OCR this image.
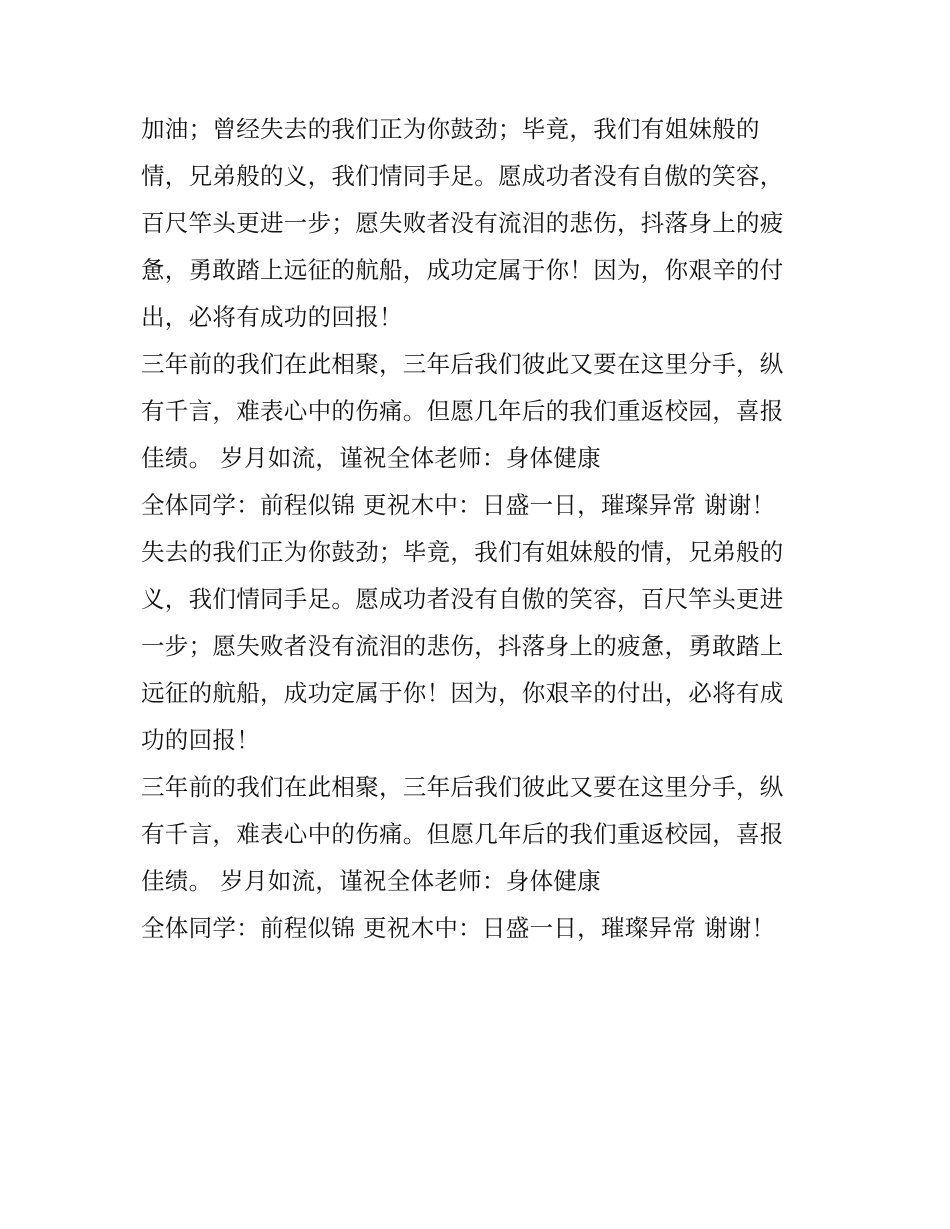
加油；曾经失去的我们正为你鼓劲；毕竟，我们有姐妹般的
情，兄弟般的义，我们情同手足。愿成功者没有自傲的笑容，
百尺竿头更进一步；愿失败者没有流泪的悲伤，抖落身上的疲
惫，勇敢踏上远征的航船，成功定属于你！因为，你艰辛的付
出，必将有成功的回报！
三年前的我们在此相聚，三年后我们彼此又要在这里分手，纵
有千言，难表心中的伤痛。但愿几年后的我们重返校园，喜报
佳绩。 岁月如流，谨祝全体老师：身体健康
全体同学：前程似锦 更祝木中：日盛一日，璀璨异常 谢谢！
失去的我们正为你鼓劲；毕竟，我们有姐妹般的情，兄弟般的
义，我们情同手足。愿成功者没有自傲的笑容，百尺竿头更进
一步；愿失败者没有流泪的悲伤，抖落身上的疲惫，勇敢踏上
远征的航船，成功定属于你！因为，你艰辛的付出，必将有成
功的回报！
三年前的我们在此相聚，三年后我们彼此又要在这里分手，纵
有千言，难表心中的伤痛。但愿几年后的我们重返校园，喜报
佳绩。 岁月如流，谨祝全体老师：身体健康
全体同学：前程似锦 更祝木中：日盛一日，璀璨异常 谢谢！
